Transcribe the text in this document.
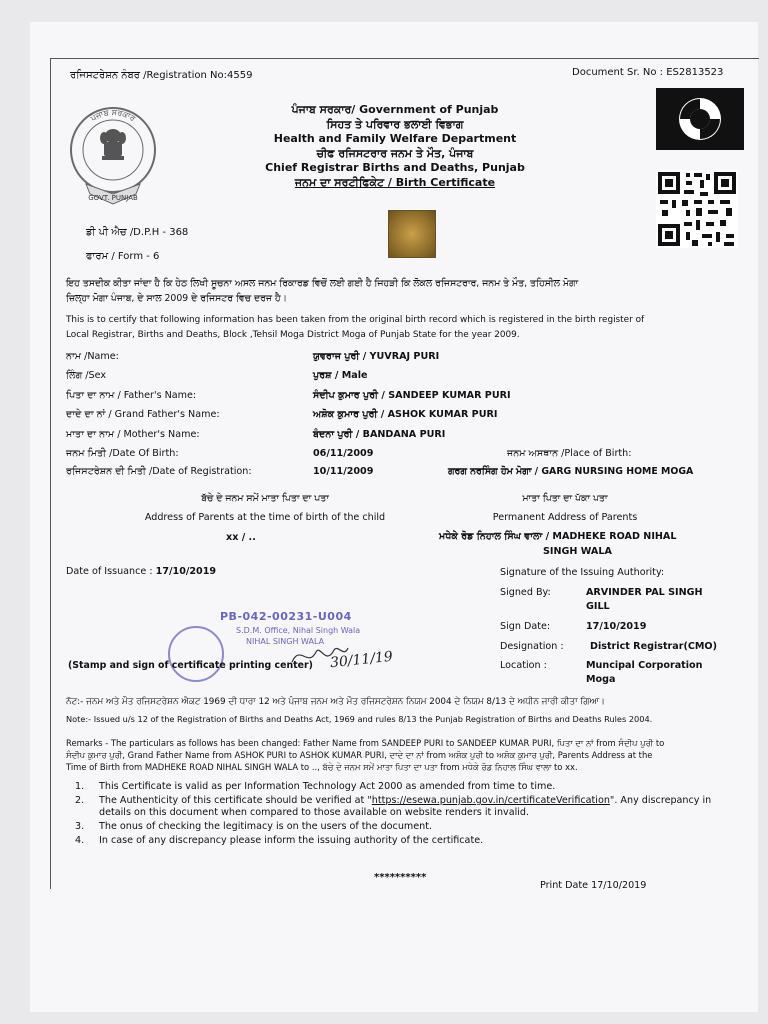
ਰਜਿਸਟਰੇਸ਼ਨ ਨੰਬਰ /Registration No:4559	Document Sr. No : ES2813523
GOVT. PUNJAB
ਪੰਜਾਬ ਸਰਕਾਰ
ਪੰਜਾਬ ਸਰਕਾਰ/ Government of Punjab
ਸਿਹਤ ਤੇ ਪਰਿਵਾਰ ਭਲਾਈ ਵਿਭਾਗ
Health and Family Welfare Department
ਚੀਫ ਰਜਿਸਟਰਾਰ ਜਨਮ ਤੇ ਮੌਤ, ਪੰਜਾਬ
Chief Registrar Births and Deaths, Punjab
ਜਨਮ ਦਾ ਸਰਟੀਫਿਕੇਟ / Birth Certificate
ਡੀ ਪੀ ਐਚ /D.P.H - 368
ਫਾਰਮ / Form - 6
ਇਹ ਤਸਦੀਕ ਕੀਤਾ ਜਾਂਦਾ ਹੈ ਕਿ ਹੇਠ ਲਿਖੀ ਸੂਚਨਾ ਅਸਲ ਜਨਮ ਰਿਕਾਰਡ ਵਿਚੋਂ ਲਈ ਗਈ ਹੈ ਜਿਹੜੀ ਕਿ ਲੋਕਲ ਰਜਿਸਟਰਾਰ, ਜਨਮ ਤੇ ਮੌਤ, ਤਹਿਸੀਲ ਮੋਗਾ
ਜ਼ਿਲ੍ਹਾ ਮੋਗਾ ਪੰਜਾਬ, ਦੇ ਸਾਲ 2009 ਦੇ ਰਜਿਸਟਰ ਵਿਚ ਦਰਜ ਹੈ।
This is to certify that following information has been taken from the original birth record which is registered in the birth register of
Local Registrar, Births and Deaths, Block ,Tehsil Moga District Moga of Punjab State for the year 2009.
ਨਾਮ /Name:	ਯੁਵਰਾਜ ਪੁਰੀ / YUVRAJ PURI
ਲਿੰਗ /Sex	ਪੁਰਸ਼ / Male
ਪਿਤਾ ਦਾ ਨਾਮ / Father's Name:	ਸੰਦੀਪ ਕੁਮਾਰ ਪੁਰੀ / SANDEEP KUMAR PURI
ਦਾਦੇ ਦਾ ਨਾਂ / Grand Father's Name:	ਅਸ਼ੋਕ ਕੁਮਾਰ ਪੁਰੀ / ASHOK KUMAR PURI
ਮਾਤਾ ਦਾ ਨਾਮ / Mother's Name:	ਬੰਦਨਾ ਪੁਰੀ / BANDANA PURI
ਜਨਮ ਮਿਤੀ /Date Of Birth:	06/11/2009
ਰਜਿਸਟਰੇਸ਼ਨ ਦੀ ਮਿਤੀ /Date of Registration:	10/11/2009
ਜਨਮ ਅਸਥਾਨ /Place of Birth:
ਗਰਗ ਨਰਸਿੰਗ ਹੋਮ ਮੋਗਾ / GARG NURSING HOME MOGA
ਬੱਚੇ ਦੇ ਜਨਮ ਸਮੇਂ ਮਾਤਾ ਪਿਤਾ ਦਾ ਪਤਾ
Address of Parents at the time of birth of the child
xx / ..
ਮਾਤਾ ਪਿਤਾ ਦਾ ਪੱਕਾ ਪਤਾ
Permanent Address of Parents
ਮਧੇਕੇ ਰੋਡ ਨਿਹਾਲ ਸਿੰਘ ਵਾਲਾ / MADHEKE ROAD NIHAL
SINGH WALA
Date of Issuance : 17/10/2019	Signature of the Issuing Authority:
Signed By:	ARVINDER PAL SINGH
GILL
Sign Date:	17/10/2019
Designation :	District Registrar(CMO)
Location :	Muncipal Corporation
Moga
PB-042-00231-U004
S.D.M. Office, Nihal Singh Wala
NIHAL SINGH WALA
30/11/19
(Stamp and sign of certificate printing center)
ਨੋਟ:- ਜਨਮ ਅਤੇ ਮੌਤ ਰਜਿਸਟਰੇਸ਼ਨ ਐਕਟ 1969 ਦੀ ਧਾਰਾ 12 ਅਤੇ ਪੰਜਾਬ ਜਨਮ ਅਤੇ ਮੌਤ ਰਜਿਸਟਰੇਸ਼ਨ ਨਿਯਮ 2004 ਦੇ ਨਿਯਮ 8/13 ਦੇ ਅਧੀਨ ਜਾਰੀ ਕੀਤਾ ਗਿਆ।
Note:- Issued u/s 12 of the Registration of Births and Deaths Act, 1969 and rules 8/13 the Punjab Registration of Births and Deaths Rules 2004.
Remarks - The particulars as follows has been changed: Father Name from SANDEEP PURI to SANDEEP KUMAR PURI, ਪਿਤਾ ਦਾ ਨਾਂ from ਸੰਦੀਪ ਪੁਰੀ to
ਸੰਦੀਪ ਕੁਮਾਰ ਪੁਰੀ, Grand Father Name from ASHOK PURI to ASHOK KUMAR PURI, ਦਾਦੇ ਦਾ ਨਾਂ from ਅਸ਼ੋਕ ਪੁਰੀ to ਅਸ਼ੋਕ ਕੁਮਾਰ ਪੁਰੀ, Parents Address at the
Time of Birth from MADHEKE ROAD NIHAL SINGH WALA to .., ਬੱਚੇ ਦੇ ਜਨਮ ਸਮੇਂ ਮਾਤਾ ਪਿਤਾ ਦਾ ਪਤਾ from ਮਧੇਕੇ ਰੋਡ ਨਿਹਾਲ ਸਿੰਘ ਵਾਲਾ to xx.
1.	This Certificate is valid as per Information Technology Act 2000 as amended from time to time.
2.	The Authenticity of this certificate should be verified at "https://esewa.punjab.gov.in/certificateVerification". Any discrepancy in details on this document when compared to those available on website renders it invalid.
3.	The onus of checking the legitimacy is on the users of the document.
4.	In case of any discrepancy please inform the issuing authority of the certificate.
**********
Print Date 17/10/2019
